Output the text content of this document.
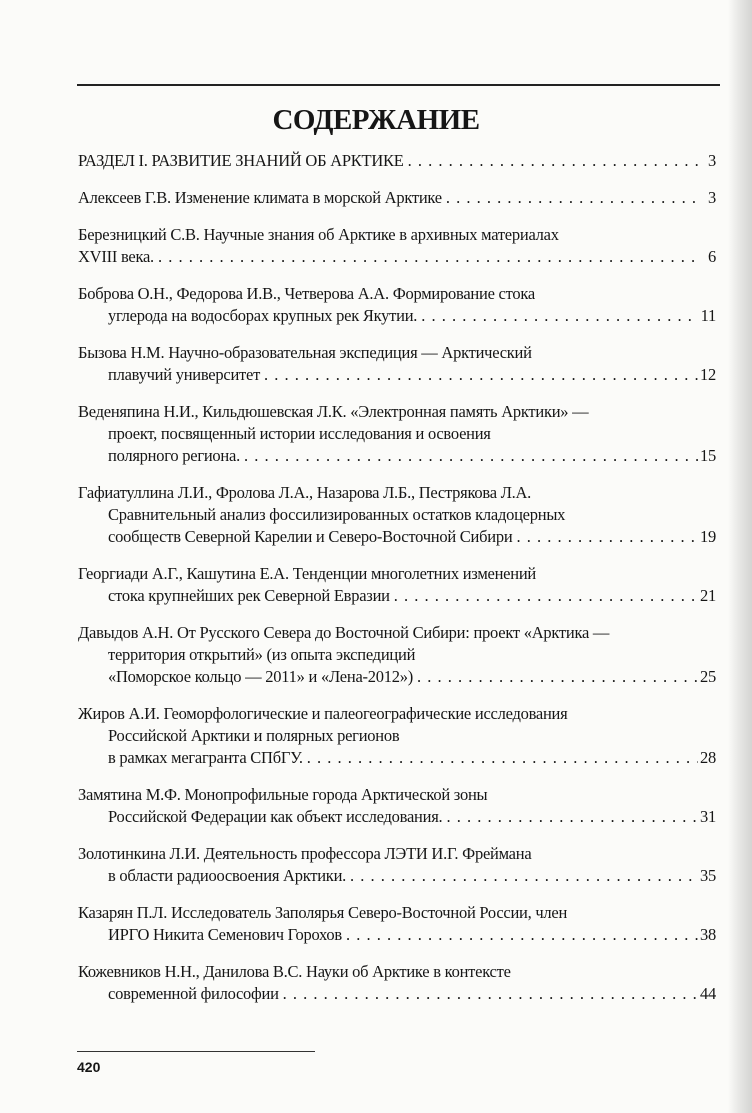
СОДЕРЖАНИЕ
РАЗДЕЛ I. РАЗВИТИЕ ЗНАНИЙ ОБ АРКТИКЕ . . .	3
Алексеев Г.В. Изменение климата в морской Арктике . . .	3
Березницкий С.В. Научные знания об Арктике в архивных материалах
XVIII века. . . .	6
Боброва О.Н., Федорова И.В., Четверова А.А. Формирование стока
углерода на водосборах крупных рек Якутии. . . .	11
Бызова Н.М. Научно-образовательная экспедиция — Арктический
плавучий университет . . .	12
Веденяпина Н.И., Кильдюшевская Л.К. «Электронная память Арктики» —
проект, посвященный истории исследования и освоения
полярного региона. . . .	15
Гафиатуллина Л.И., Фролова Л.А., Назарова Л.Б., Пестрякова Л.А.
Сравнительный анализ фоссилизированных остатков кладоцерных
сообществ Северной Карелии и Северо-Восточной Сибири . . .	19
Георгиади А.Г., Кашутина Е.А. Тенденции многолетних изменений
стока крупнейших рек Северной Евразии . . .	21
Давыдов А.Н. От Русского Севера до Восточной Сибири: проект «Арктика —
территория открытий» (из опыта экспедиций
«Поморское кольцо — 2011» и «Лена-2012») . . .	25
Жиров А.И. Геоморфологические и палеогеографические исследования
Российской Арктики и полярных регионов
в рамках мегагранта СПбГУ. . . .	28
Замятина М.Ф. Монопрофильные города Арктической зоны
Российской Федерации как объект исследования. . . .	31
Золотинкина Л.И. Деятельность профессора ЛЭТИ И.Г. Фреймана
в области радиоосвоения Арктики. . . .	35
Казарян П.Л. Исследователь Заполярья Северо-Восточной России, член
ИРГО Никита Семенович Горохов . . .	38
Кожевников Н.Н., Данилова В.С. Науки об Арктике в контексте
современной философии . . .	44
420
